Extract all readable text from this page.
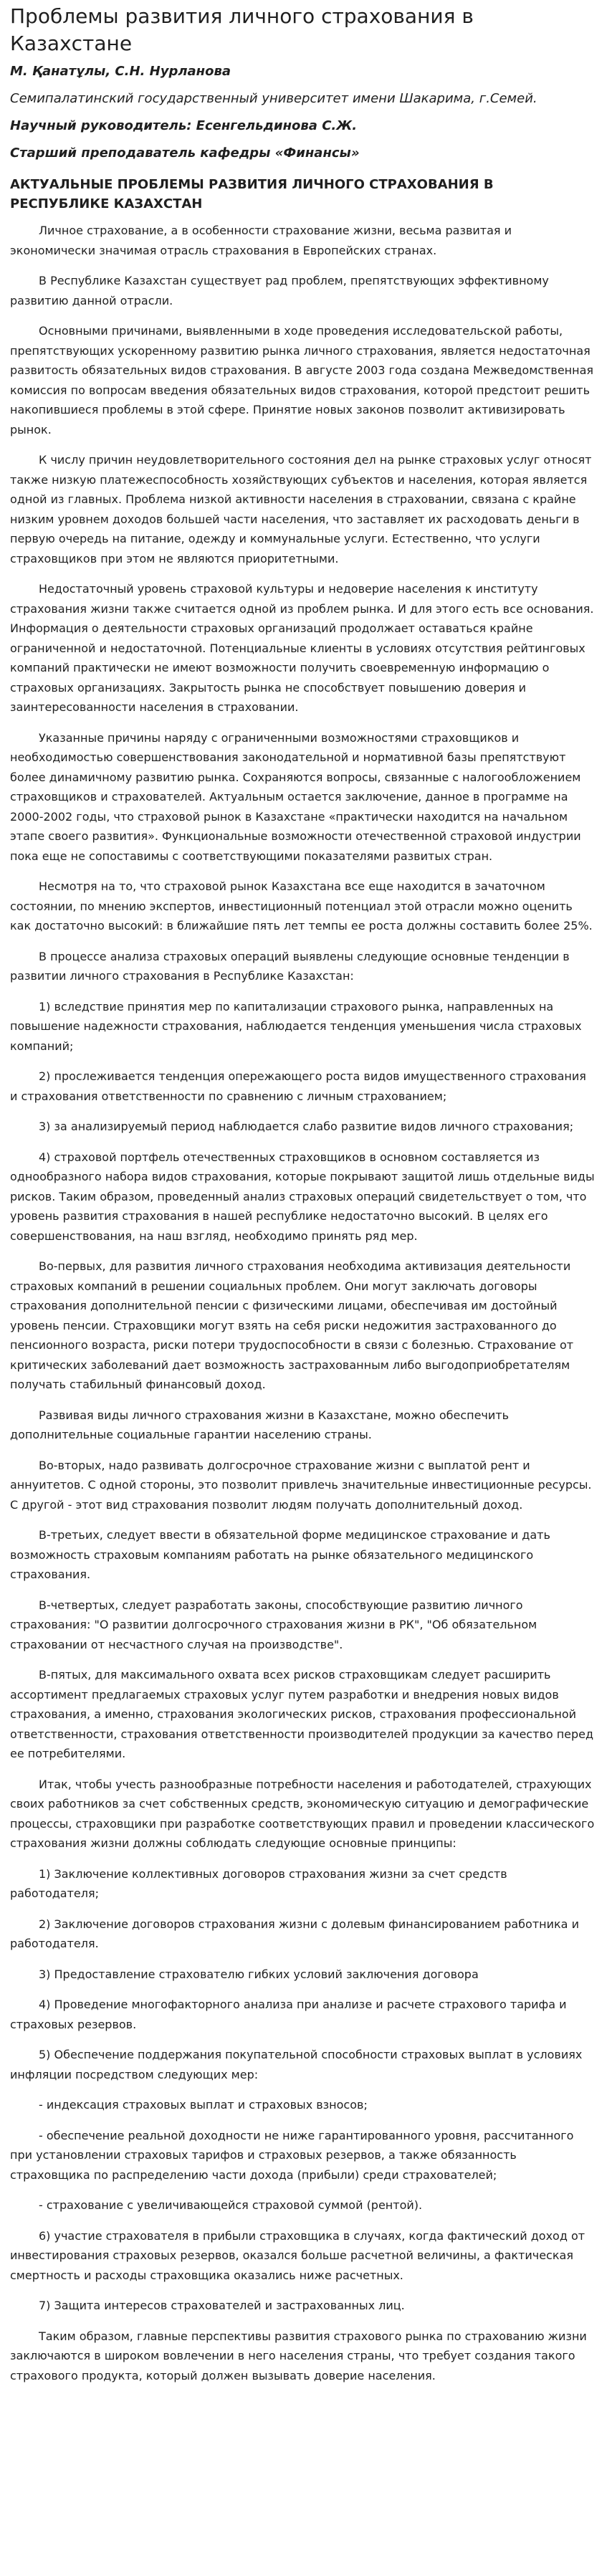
Проблемы развития личного страхования в Казахстане

М. Қанатұлы, С.Н. Нурланова

Семипалатинский государственный университет имени Шакарима, г.Семей.

Научный руководитель: Есенгельдинова С.Ж.

Старший преподаватель кафедры «Финансы»

АКТУАЛЬНЫЕ ПРОБЛЕМЫ РАЗВИТИЯ ЛИЧНОГО СТРАХОВАНИЯ В РЕСПУБЛИКЕ КАЗАХСТАН

Личное страхование, а в особенности страхование жизни, весьма развитая и экономически значимая отрасль страхования в Европейских странах.

В Республике Казахстан существует рад проблем, препятствующих эффективному развитию данной отрасли.

Основными причинами, выявленными в ходе проведения исследовательской работы, препятствующих ускоренному развитию рынка личного страхования, является недостаточная развитость обязательных видов страхования. В августе 2003 года создана Межведомственная комиссия по вопросам введения обязательных видов страхования, которой предстоит решить накопившиеся проблемы в этой сфере. Принятие новых законов позволит активизировать рынок.

К числу причин неудовлетворительного состояния дел на рынке страховых услуг относят также низкую платежеспособность хозяйствующих субъектов и населения, которая является одной из главных. Проблема низкой активности населения в страховании, связана с крайне низким уровнем доходов большей части населения, что заставляет их расходовать деньги в первую очередь на питание, одежду и коммунальные услуги. Естественно, что услуги страховщиков при этом не являются приоритетными.

Недостаточный уровень страховой культуры и недоверие населения к институту страхования жизни также считается одной из проблем рынка. И для этого есть все основания. Информация о деятельности страховых организаций продолжает оставаться крайне ограниченной и недостаточной. Потенциальные клиенты в условиях отсутствия рейтинговых компаний практически не имеют возможности получить своевременную информацию о страховых организациях. Закрытость рынка не способствует повышению доверия и заинтересованности населения в страховании.

Указанные причины наряду с ограниченными возможностями страховщиков и необходимостью совершенствования законодательной и нормативной базы препятствуют более динамичному развитию рынка. Сохраняются вопросы, связанные с налогообложением страховщиков и страхователей. Актуальным остается заключение, данное в программе на 2000-2002 годы, что страховой рынок в Казахстане «практически находится на начальном этапе своего развития». Функциональные возможности отечественной страховой индустрии пока еще не сопоставимы с соответствующими показателями развитых стран.

Несмотря на то, что страховой рынок Казахстана все еще находится в зачаточном состоянии, по мнению экспертов, инвестиционный потенциал этой отрасли можно оценить как достаточно высокий: в ближайшие пять лет темпы ее роста должны составить более 25%.

В процессе анализа страховых операций выявлены следующие основные тенденции в развитии личного страхования в Республике Казахстан:

1) вследствие принятия мер по капитализации страхового рынка, направленных на повышение надежности страхования, наблюдается тенденция уменьшения числа страховых компаний;

2) прослеживается тенденция опережающего роста видов имущественного страхования и страхования ответственности по сравнению с личным страхованием;

3) за анализируемый период наблюдается слабо развитие видов личного страхования;

4) страховой портфель отечественных страховщиков в основном составляется из однообразного набора видов страхования, которые покрывают защитой лишь отдельные виды рисков. Таким образом, проведенный анализ страховых операций свидетельствует о том, что уровень развития страхования в нашей республике недостаточно высокий. В целях его совершенствования, на наш взгляд, необходимо принять ряд мер.

Во-первых, для развития личного страхования необходима активизация деятельности страховых компаний в решении социальных проблем. Они могут заключать договоры страхования дополнительной пенсии с физическими лицами, обеспечивая им достойный уровень пенсии. Страховщики могут взять на себя риски недожития застрахованного до пенсионного возраста, риски потери трудоспособности в связи с болезнью. Страхование от критических заболеваний дает возможность застрахованным либо выгодоприобретателям получать стабильный финансовый доход.

Развивая виды личного страхования жизни в Казахстане, можно обеспечить дополнительные социальные гарантии населению страны.

Во-вторых, надо развивать долгосрочное страхование жизни с выплатой рент и аннуитетов. С одной стороны, это позволит привлечь значительные инвестиционные ресурсы. С другой - этот вид страхования позволит людям получать дополнительный доход.

В-третьих, следует ввести в обязательной форме медицинское страхование и дать возможность страховым компаниям работать на рынке обязательного медицинского страхования.

В-четвертых, следует разработать законы, способствующие развитию личного страхования: "О развитии долгосрочного страхования жизни в РК", "Об обязательном страховании от несчастного случая на производстве".

В-пятых, для максимального охвата всех рисков страховщикам следует расширить ассортимент предлагаемых страховых услуг путем разработки и внедрения новых видов страхования, а именно, страхования экологических рисков, страхования профессиональной ответственности, страхования ответственности производителей продукции за качество перед ее потребителями.

Итак, чтобы учесть разнообразные потребности населения и работодателей, страхующих своих работников за счет собственных средств, экономическую ситуацию и демографические процессы, страховщики при разработке соответствующих правил и проведении классического страхования жизни должны соблюдать следующие основные принципы:

1) Заключение коллективных договоров страхования жизни за счет средств работодателя;

2) Заключение договоров страхования жизни с долевым финансированием работника и работодателя.

3) Предоставление страхователю гибких условий заключения договора

4) Проведение многофакторного анализа при анализе и расчете страхового тарифа и страховых резервов.

5) Обеспечение поддержания покупательной способности страховых выплат в условиях инфляции посредством следующих мер:

- индексация страховых выплат и страховых взносов;

- обеспечение реальной доходности не ниже гарантированного уровня, рассчитанного при установлении страховых тарифов и страховых резервов, а также обязанность страховщика по распределению части дохода (прибыли) среди страхователей;

- страхование с увеличивающейся страховой суммой (рентой).

6) участие страхователя в прибыли страховщика в случаях, когда фактический доход от инвестирования страховых резервов, оказался больше расчетной величины, а фактическая смертность и расходы страховщика оказались ниже расчетных.

7) Защита интересов страхователей и застрахованных лиц.

Таким образом, главные перспективы развития страхового рынка по страхованию жизни заключаются в широком вовлечении в него населения страны, что требует создания такого страхового продукта, который должен вызывать доверие населения.
